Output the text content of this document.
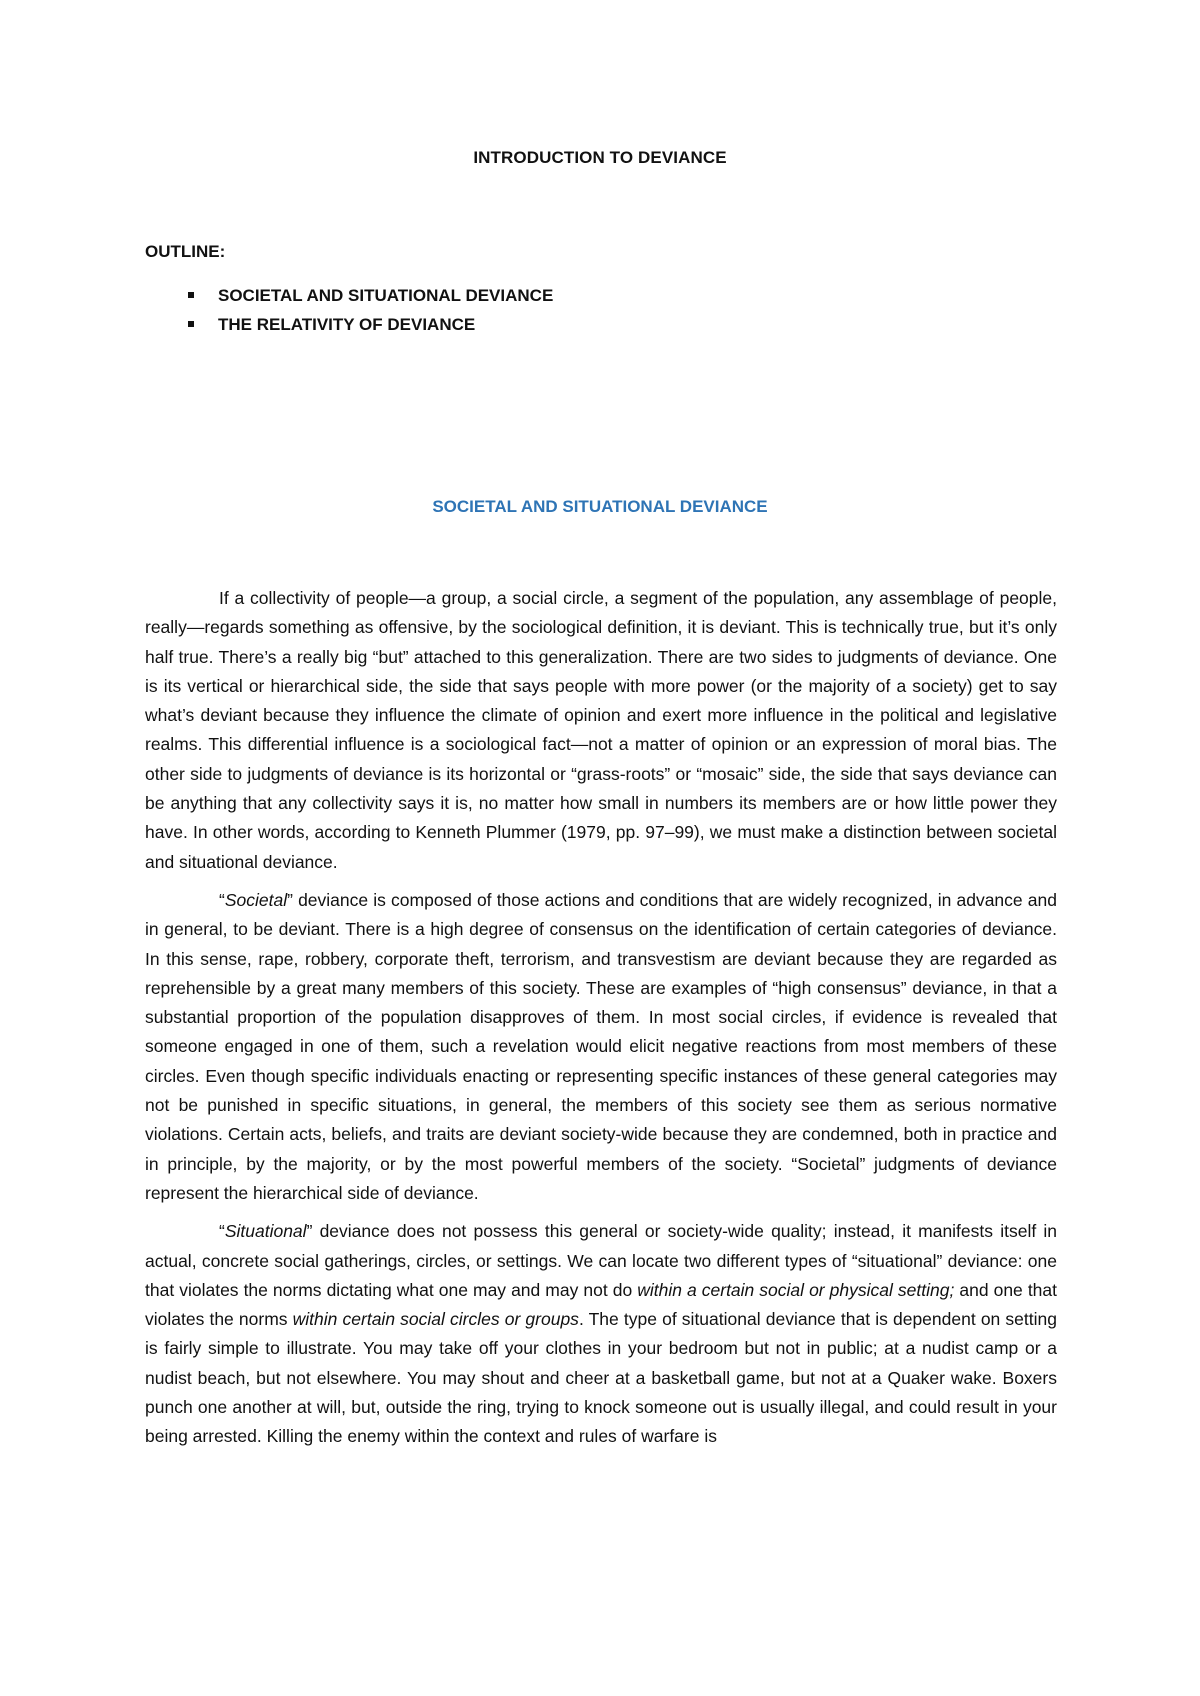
INTRODUCTION TO DEVIANCE
OUTLINE:
SOCIETAL AND SITUATIONAL DEVIANCE
THE RELATIVITY OF DEVIANCE
SOCIETAL AND SITUATIONAL DEVIANCE

If a collectivity of people—a group, a social circle, a segment of the population, any assemblage of people, really—regards something as offensive, by the sociological definition, it is deviant. This is technically true, but it’s only half true. There’s a really big “but” attached to this generalization. There are two sides to judgments of deviance. One is its vertical or hierarchical side, the side that says people with more power (or the majority of a society) get to say what’s deviant because they influence the climate of opinion and exert more influence in the political and legislative realms. This differential influence is a sociological fact—not a matter of opinion or an expression of moral bias. The other side to judgments of deviance is its horizontal or “grass-roots” or “mosaic” side, the side that says deviance can be anything that any collectivity says it is, no matter how small in numbers its members are or how little power they have. In other words, according to Kenneth Plummer (1979, pp. 97–99), we must make a distinction between societal and situational deviance.

“Societal” deviance is composed of those actions and conditions that are widely recognized, in advance and in general, to be deviant. There is a high degree of consensus on the identification of certain categories of deviance. In this sense, rape, robbery, corporate theft, terrorism, and transvestism are deviant because they are regarded as reprehensible by a great many members of this society. These are examples of “high consensus” deviance, in that a substantial proportion of the population disapproves of them. In most social circles, if evidence is revealed that someone engaged in one of them, such a revelation would elicit negative reactions from most members of these circles. Even though specific individuals enacting or representing specific instances of these general categories may not be punished in specific situations, in general, the members of this society see them as serious normative violations. Certain acts, beliefs, and traits are deviant society-wide because they are condemned, both in practice and in principle, by the majority, or by the most powerful members of the society. “Societal” judgments of deviance represent the hierarchical side of deviance.

“Situational” deviance does not possess this general or society-wide quality; instead, it manifests itself in actual, concrete social gatherings, circles, or settings. We can locate two different types of “situational” deviance: one that violates the norms dictating what one may and may not do within a certain social or physical setting; and one that violates the norms within certain social circles or groups. The type of situational deviance that is dependent on setting is fairly simple to illustrate. You may take off your clothes in your bedroom but not in public; at a nudist camp or a nudist beach, but not elsewhere. You may shout and cheer at a basketball game, but not at a Quaker wake. Boxers punch one another at will, but, outside the ring, trying to knock someone out is usually illegal, and could result in your being arrested. Killing the enemy within the context and rules of warfare is
